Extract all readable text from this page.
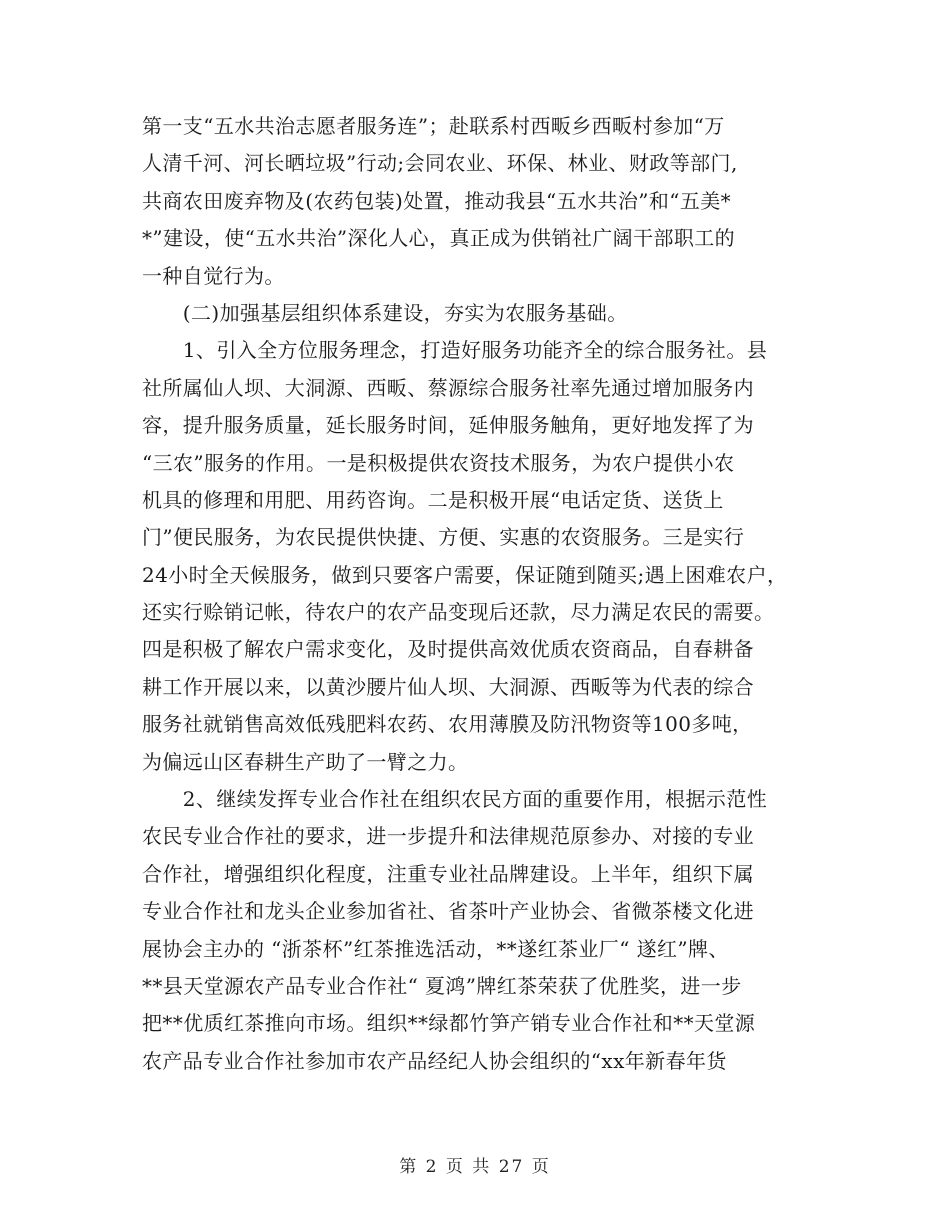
第一支“五水共治志愿者服务连”；赴联系村西畈乡西畈村参加“万
人清千河、河长晒垃圾”行动;会同农业、环保、林业、财政等部门,
共商农田废弃物及(农药包装)处置，推动我县“五水共治”和“五美*
*”建设，使“五水共治”深化人心，真正成为供销社广阔干部职工的
一种自觉行为。
　　(二)加强基层组织体系建设，夯实为农服务基础。
　　1、引入全方位服务理念，打造好服务功能齐全的综合服务社。县
社所属仙人坝、大洞源、西畈、蔡源综合服务社率先通过增加服务内
容，提升服务质量，延长服务时间，延伸服务触角，更好地发挥了为
“三农”服务的作用。一是积极提供农资技术服务，为农户提供小农
机具的修理和用肥、用药咨询。二是积极开展“电话定货、送货上
门”便民服务，为农民提供快捷、方便、实惠的农资服务。三是实行
24小时全天候服务，做到只要客户需要，保证随到随买;遇上困难农户，
还实行赊销记帐，待农户的农产品变现后还款，尽力满足农民的需要。
四是积极了解农户需求变化，及时提供高效优质农资商品，自春耕备
耕工作开展以来，以黄沙腰片仙人坝、大洞源、西畈等为代表的综合
服务社就销售高效低残肥料农药、农用薄膜及防汛物资等100多吨，
为偏远山区春耕生产助了一臂之力。
　　2、继续发挥专业合作社在组织农民方面的重要作用，根据示范性
农民专业合作社的要求，进一步提升和法律规范原参办、对接的专业
合作社，增强组织化程度，注重专业社品牌建设。上半年，组织下属
专业合作社和龙头企业参加省社、省茶叶产业协会、省微茶楼文化进
展协会主办的 “浙茶杯”红茶推选活动，**遂红茶业厂“ 遂红”牌、
**县天堂源农产品专业合作社“ 夏鸿”牌红茶荣获了优胜奖，进一步
把**优质红茶推向市场。组织**绿都竹笋产销专业合作社和**天堂源
农产品专业合作社参加市农产品经纪人协会组织的“xx年新春年货
第 2 页 共 27 页
